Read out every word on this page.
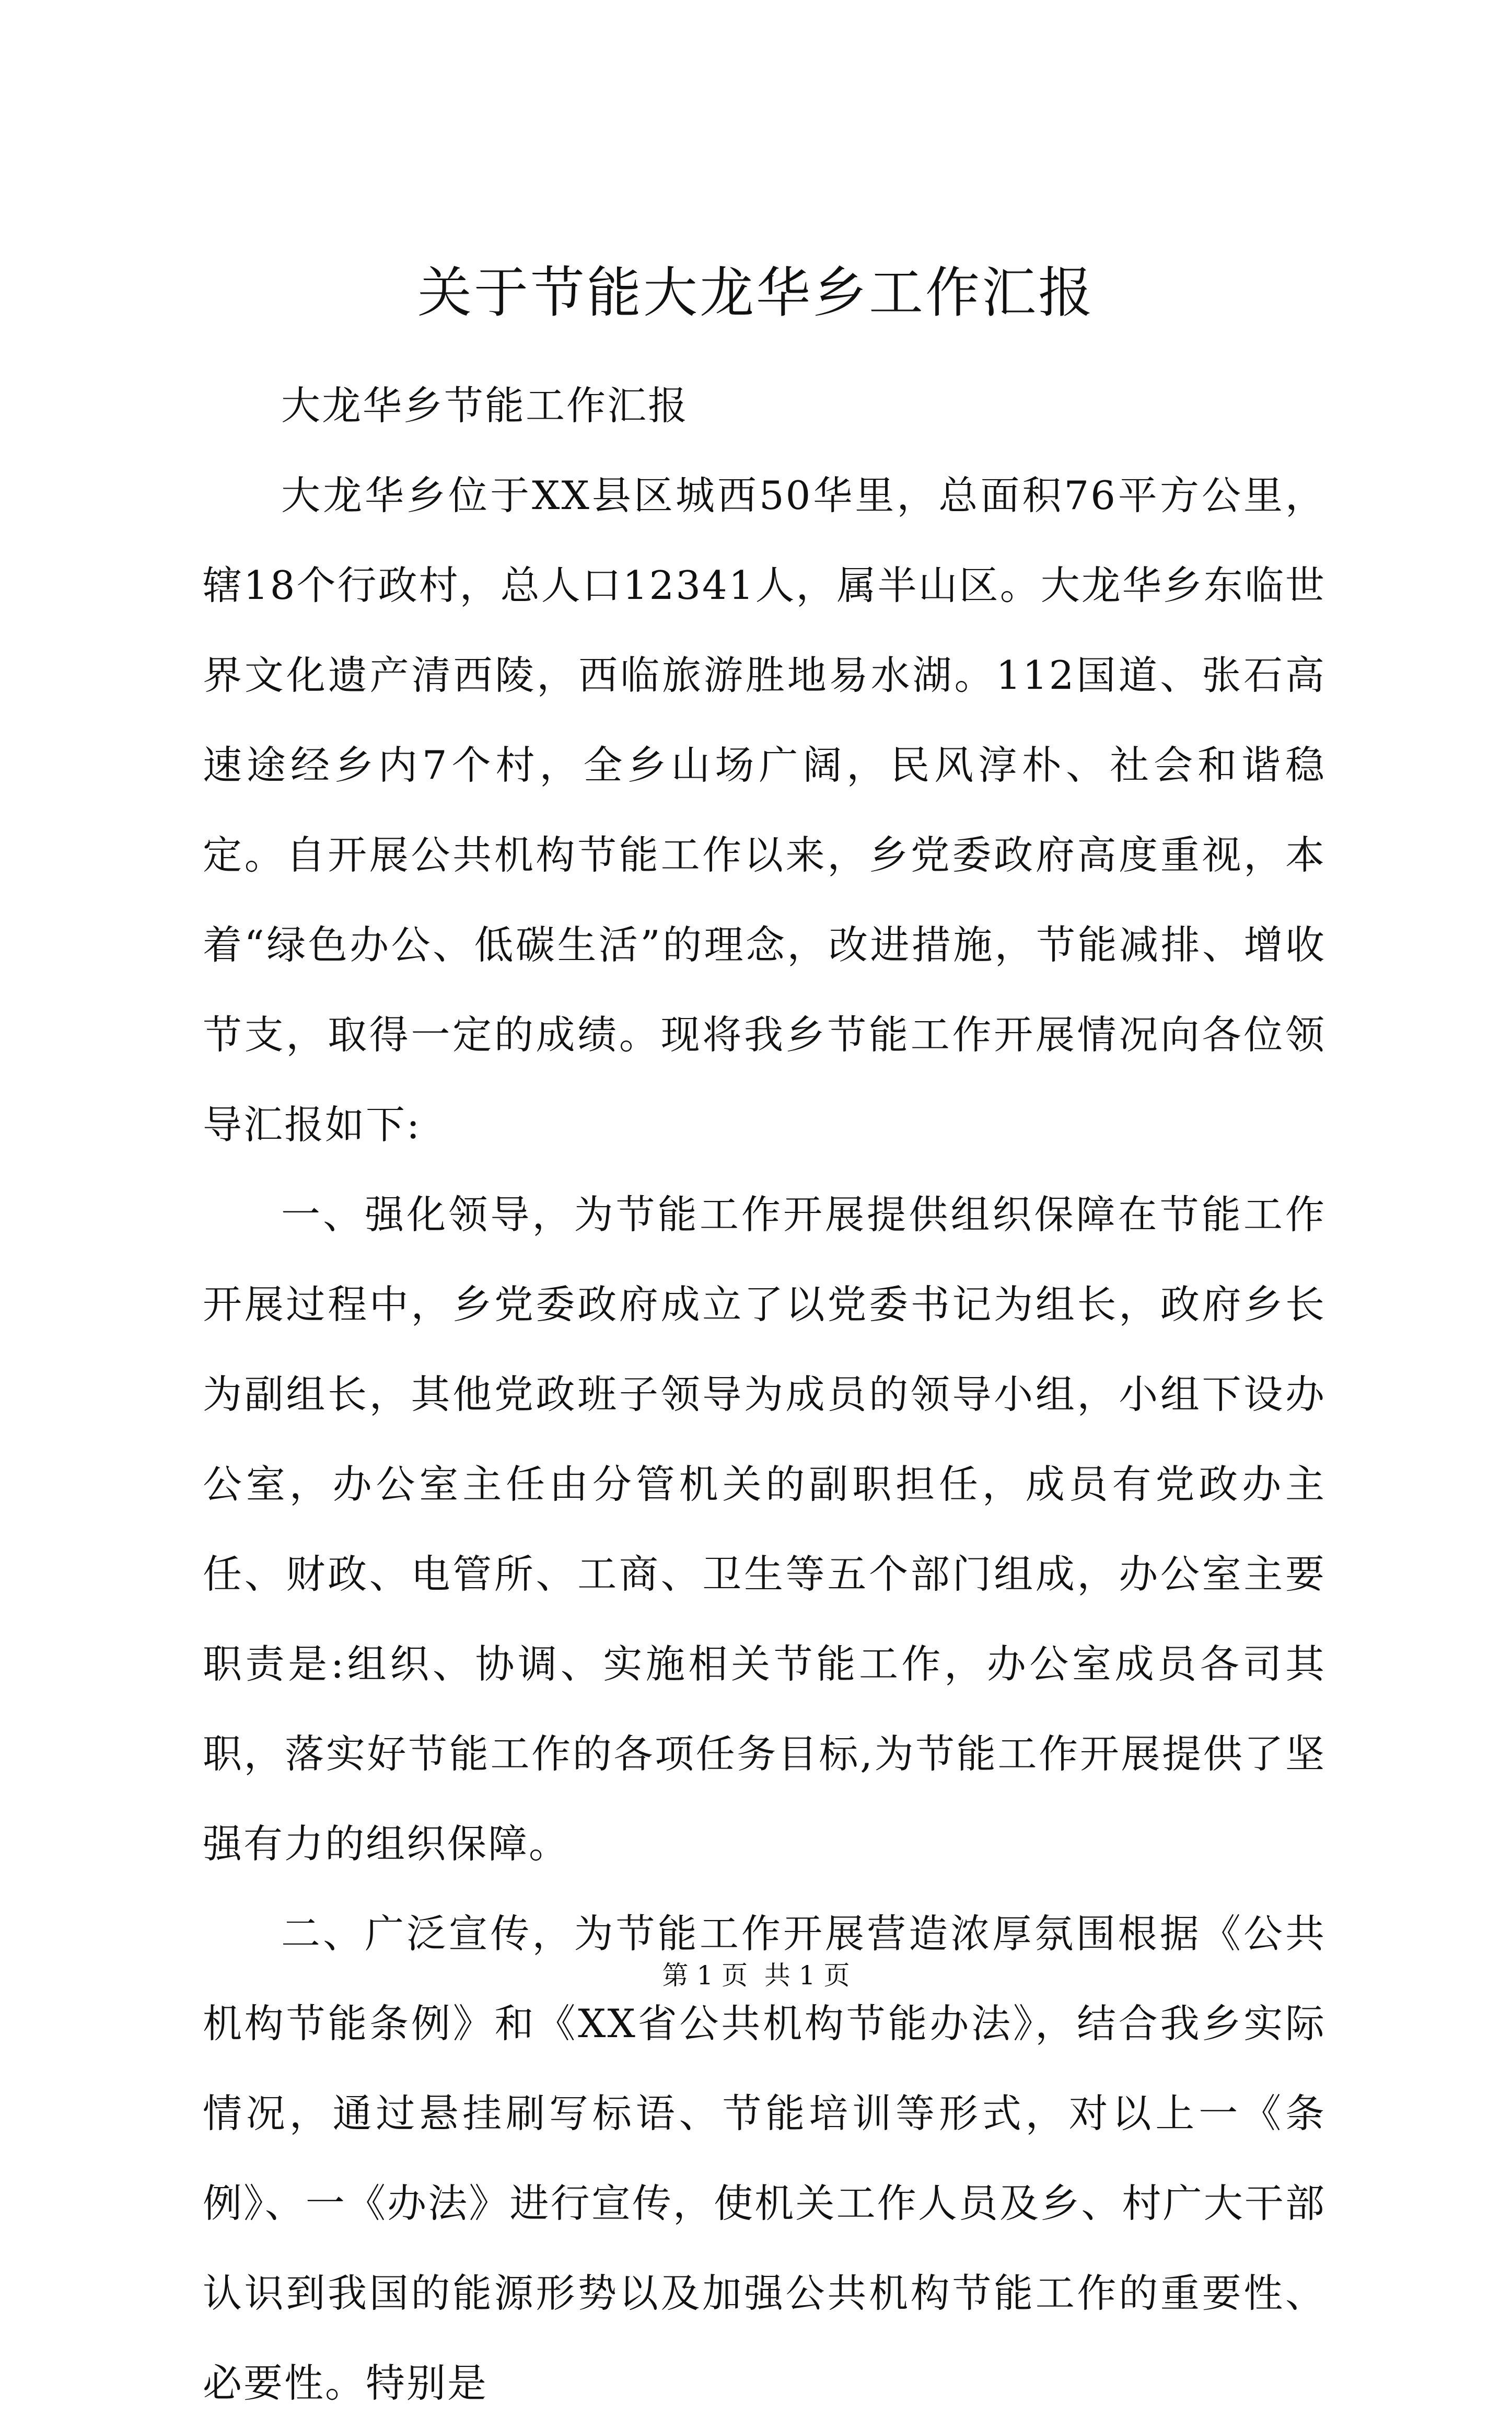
关于节能大龙华乡工作汇报

大龙华乡节能工作汇报

大龙华乡位于XX县区城西50华里，总面积76平方公里，辖18个行政村，总人口12341人，属半山区。大龙华乡东临世界文化遗产清西陵，西临旅游胜地易水湖。112国道、张石高速途经乡内7个村，全乡山场广阔，民风淳朴、社会和谐稳定。自开展公共机构节能工作以来，乡党委政府高度重视，本着“绿色办公、低碳生活”的理念，改进措施，节能减排、增收节支，取得一定的成绩。现将我乡节能工作开展情况向各位领导汇报如下:

一、强化领导，为节能工作开展提供组织保障在节能工作开展过程中，乡党委政府成立了以党委书记为组长，政府乡长为副组长，其他党政班子领导为成员的领导小组，小组下设办公室，办公室主任由分管机关的副职担任，成员有党政办主任、财政、电管所、工商、卫生等五个部门组成，办公室主要职责是:组织、协调、实施相关节能工作，办公室成员各司其职，落实好节能工作的各项任务目标,为节能工作开展提供了坚强有力的组织保障。

二、广泛宣传，为节能工作开展营造浓厚氛围根据《公共机构节能条例》和《XX省公共机构节能办法》，结合我乡实际情况，通过悬挂刷写标语、节能培训等形式，对以上一《条例》、一《办法》进行宣传，使机关工作人员及乡、村广大干部认识到我国的能源形势以及加强公共机构节能工作的重要性、必要性。特别是

第 1 页  共 1 页
